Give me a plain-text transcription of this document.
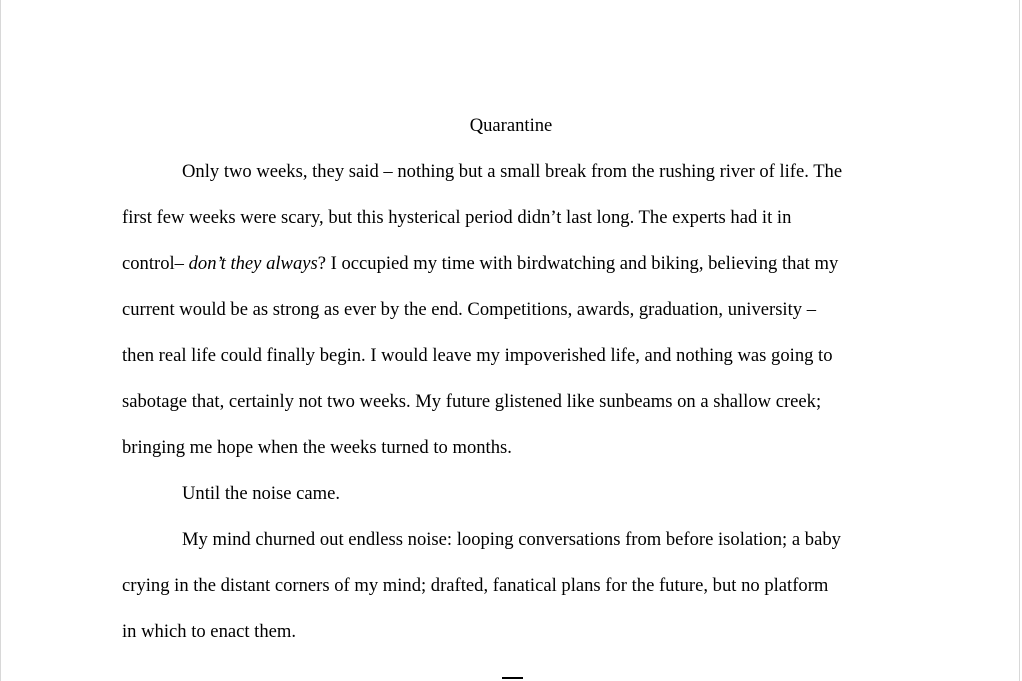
Quarantine

Only two weeks, they said – nothing but a small break from the rushing river of life. The

first few weeks were scary, but this hysterical period didn’t last long. The experts had it in

control– don’t they always? I occupied my time with birdwatching and biking, believing that my

current would be as strong as ever by the end. Competitions, awards, graduation, university –

then real life could finally begin. I would leave my impoverished life, and nothing was going to

sabotage that, certainly not two weeks. My future glistened like sunbeams on a shallow creek;

bringing me hope when the weeks turned to months.

Until the noise came.

My mind churned out endless noise: looping conversations from before isolation; a baby

crying in the distant corners of my mind; drafted, fanatical plans for the future, but no platform

in which to enact them.
